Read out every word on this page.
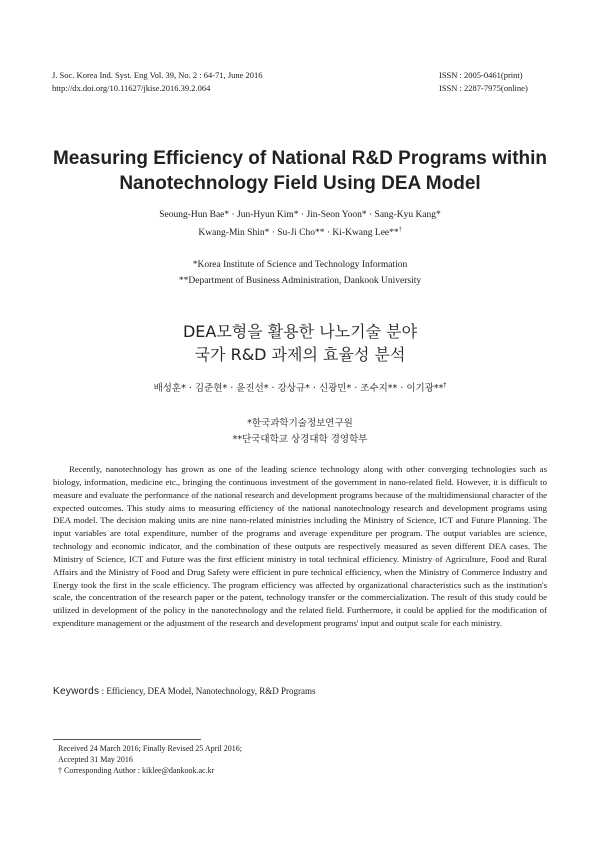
J. Soc. Korea Ind. Syst. Eng Vol. 39, No. 2 : 64-71, June 2016
http://dx.doi.org/10.11627/jkise.2016.39.2.064
ISSN : 2005-0461(print)
ISSN : 2287-7975(online)
Measuring Efficiency of National R&D Programs within
Nanotechnology Field Using DEA Model
Seoung-Hun Bae* · Jun-Hyun Kim* · Jin-Seon Yoon* · Sang-Kyu Kang*
Kwang-Min Shin* · Su-Ji Cho** · Ki-Kwang Lee**†
*Korea Institute of Science and Technology Information
**Department of Business Administration, Dankook University
DEA모형을 활용한 나노기술 분야
국가 R&D 과제의 효율성 분석
배성훈* · 김준현* · 윤진선* · 강상규* · 신광민* · 조수지** · 이기광**†
*한국과학기술정보연구원
**단국대학교 상경대학 경영학부

Recently, nanotechnology has grown as one of the leading science technology along with other converging technologies such as biology, information, medicine etc., bringing the continuous investment of the government in nano-related field. However, it is difficult to measure and evaluate the performance of the national research and development programs because of the multidimensional character of the expected outcomes. This study aims to measuring efficiency of the national nanotechnology research and development programs using DEA model. The decision making units are nine nano-related ministries including the Ministry of Science, ICT and Future Planning. The input variables are total expenditure, number of the programs and average expenditure per program. The output variables are science, technology and economic indicator, and the combination of these outputs are respectively measured as seven different DEA cases. The Ministry of Science, ICT and Future was the first efficient ministry in total technical efficiency. Ministry of Agriculture, Food and Rural Affairs and the Ministry of Food and Drug Safety were efficient in pure technical efficiency, when the Ministry of Commerce Industry and Energy took the first in the scale efficiency. The program efficiency was affected by organizational characteristics such as the institution's scale, the concentration of the research paper or the patent, technology transfer or the commercialization. The result of this study could be utilized in development of the policy in the nanotechnology and the related field. Furthermore, it could be applied for the modification of expenditure management or the adjustment of the research and development programs' input and output scale for each ministry.

Keywords : Efficiency, DEA Model, Nanotechnology, R&D Programs
Received 24 March 2016; Finally Revised 25 April 2016;
Accepted 31 May 2016
† Corresponding Author : kiklee@dankook.ac.kr
